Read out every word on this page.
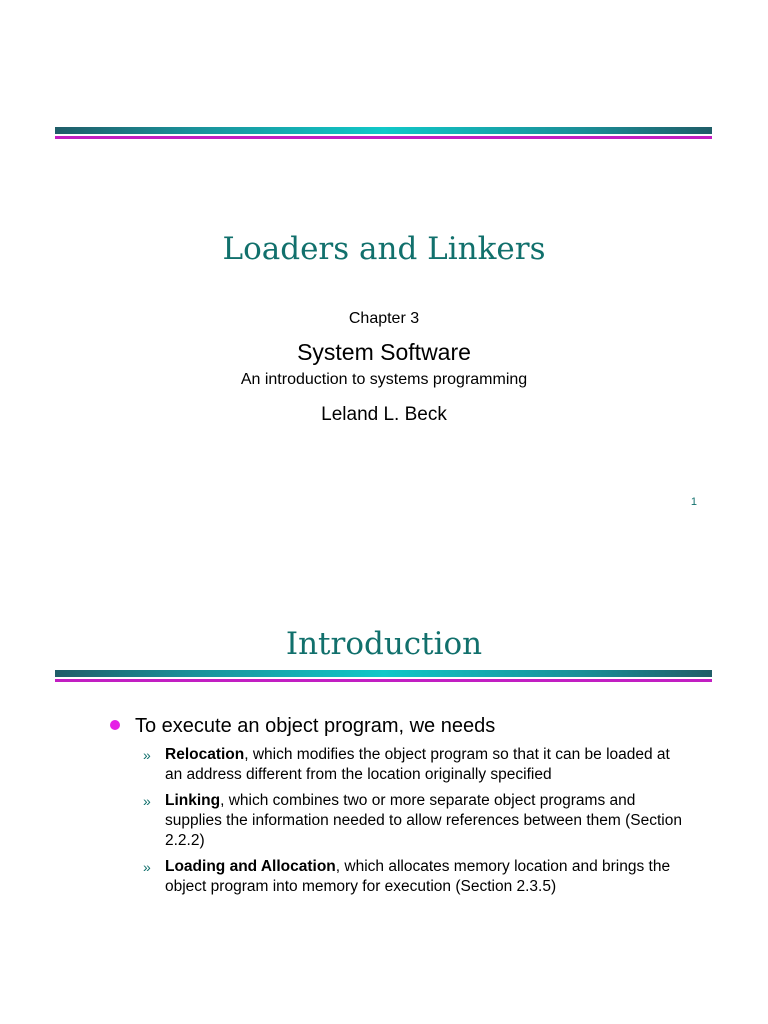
Loaders and Linkers
Chapter 3
System Software
An introduction to systems programming
Leland L. Beck
1
Introduction
To execute an object program, we needs
» Relocation, which modifies the object program so that it can be loaded at an address different from the location originally specified
» Linking, which combines two or more separate object programs and supplies the information needed to allow references between them (Section 2.2.2)
» Loading and Allocation, which allocates memory location and brings the object program into memory for execution (Section 2.3.5)
